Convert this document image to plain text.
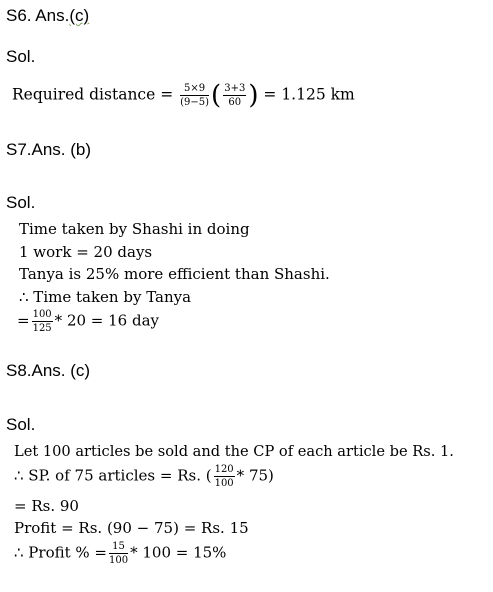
S6. Ans.(c)
Sol.
Required distance = $\frac{5\times 9}{(9-5)}$ ( $\frac{3+3}{60}$ ) = 1.125 km
S7.Ans. (b)
Sol.
Time taken by Shashi in doing
1 work = 20 days
Tanya is 25% more efficient than Shashi.
∴ Time taken by Tanya
= $\frac{100}{125} * 20 = 16$ day
S8.Ans. (c)
Sol.
Let 100 articles be sold and the CP of each article be Rs. 1.
∴ SP. of 75 articles = Rs. ( $\frac{120}{100} * 75$)
= Rs. 90
Profit = Rs. (90 − 75) = Rs. 15
∴ Profit % = $\frac{15}{100} * 100 = 15\%$
